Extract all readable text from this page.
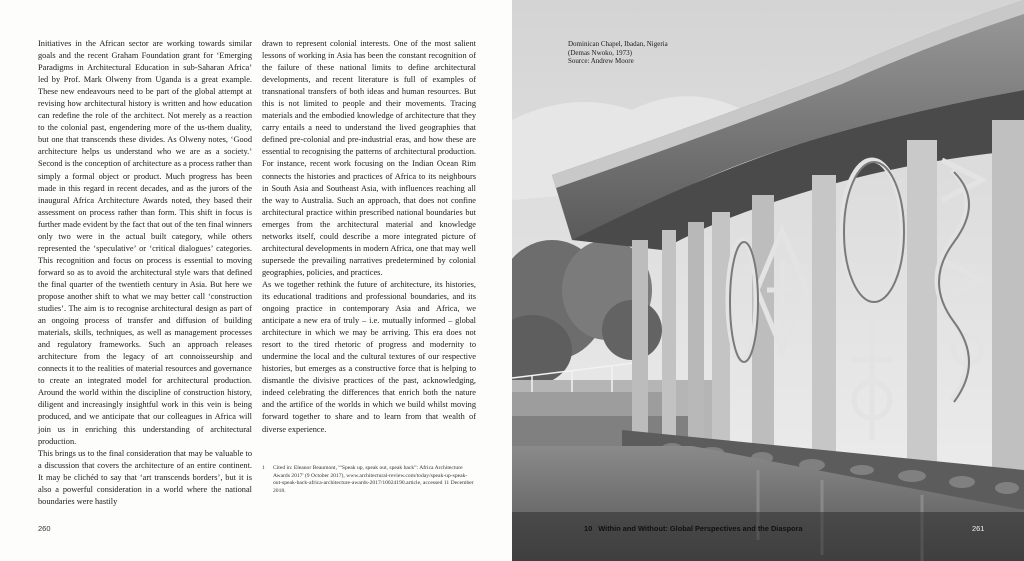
Initiatives in the African sector are working towards similar goals and the recent Graham Foundation grant for ‘Emerging Paradigms in Architectural Education in sub-Saharan Africa’ led by Prof. Mark Olweny from Uganda is a great example. These new endeavours need to be part of the global attempt at revising how architectural history is written and how education can redefine the role of the architect. Not merely as a reaction to the colonial past, engendering more of the us-them duality, but one that transcends these divides. As Olweny notes, ‘Good architecture helps us understand who we are as a society.’ Second is the conception of architecture as a process rather than simply a formal object or product. Much progress has been made in this regard in recent decades, and as the jurors of the inaugural Africa Architecture Awards noted, they based their assessment on process rather than form. This shift in focus is further made evident by the fact that out of the ten final winners only two were in the actual built category, while others represented the ‘speculative’ or ‘critical dialogues’ categories. This recognition and focus on process is essential to moving forward so as to avoid the architectural style wars that defined the final quarter of the twentieth century in Asia. But here we propose another shift to what we may better call ‘construction studies’. The aim is to recognise architectural design as part of an ongoing process of transfer and diffusion of building materials, skills, techniques, as well as management processes and regulatory frameworks. Such an approach releases architecture from the legacy of art connoisseurship and connects it to the realities of material resources and governance to create an integrated model for architectural production. Around the world within the discipline of construction history, diligent and increasingly insightful work in this vein is being produced, and we anticipate that our colleagues in Africa will join us in enriching this understanding of architectural production.

This brings us to the final consideration that may be valuable to a discussion that covers the architecture of an entire continent. It may be clichéd to say that ‘art transcends borders’, but it is also a powerful consideration in a world where the national boundaries were hastily

drawn to represent colonial interests. One of the most salient lessons of working in Asia has been the constant recognition of the failure of these national limits to define architectural developments, and recent literature is full of examples of transnational transfers of both ideas and human resources. But this is not limited to people and their movements. Tracing materials and the embodied knowledge of architecture that they carry entails a need to understand the lived geographies that defined pre-colonial and pre-industrial eras, and how these are essential to recognising the patterns of architectural production. For instance, recent work focusing on the Indian Ocean Rim connects the histories and practices of Africa to its neighbours in South Asia and Southeast Asia, with influences reaching all the way to Australia. Such an approach, that does not confine architectural practice within prescribed national boundaries but emerges from the architectural material and knowledge networks itself, could describe a more integrated picture of architectural developments in modern Africa, one that may well supersede the prevailing narratives predetermined by colonial geographies, policies, and practices.

As we together rethink the future of architecture, its histories, its educational traditions and professional boundaries, and its ongoing practice in contemporary Asia and Africa, we anticipate a new era of truly – i.e. mutually informed – global architecture in which we may be arriving. This era does not resort to the tired rhetoric of progress and modernity to undermine the local and the cultural textures of our respective histories, but emerges as a constructive force that is helping to dismantle the divisive practices of the past, acknowledging, indeed celebrating the differences that enrich both the nature and the artifice of the worlds in which we build whilst moving forward together to share and to learn from that wealth of diverse experience.

1	Cited in: Eleanor Beaumont, '“Speak up, speak out, speak back”: Africa Architecture Awards 2017' (9 October 2017), www.architectural-review.com/today/speak-up-speak-out-speak-back-africa-architecture-awards-2017/10024190.article, accessed 11 December 2018.
260
Dominican Chapel, Ibadan, Nigeria
(Demas Nwoko, 1973)
Source: Andrew Moore
10 Within and Without: Global Perspectives and the Diaspora	261
